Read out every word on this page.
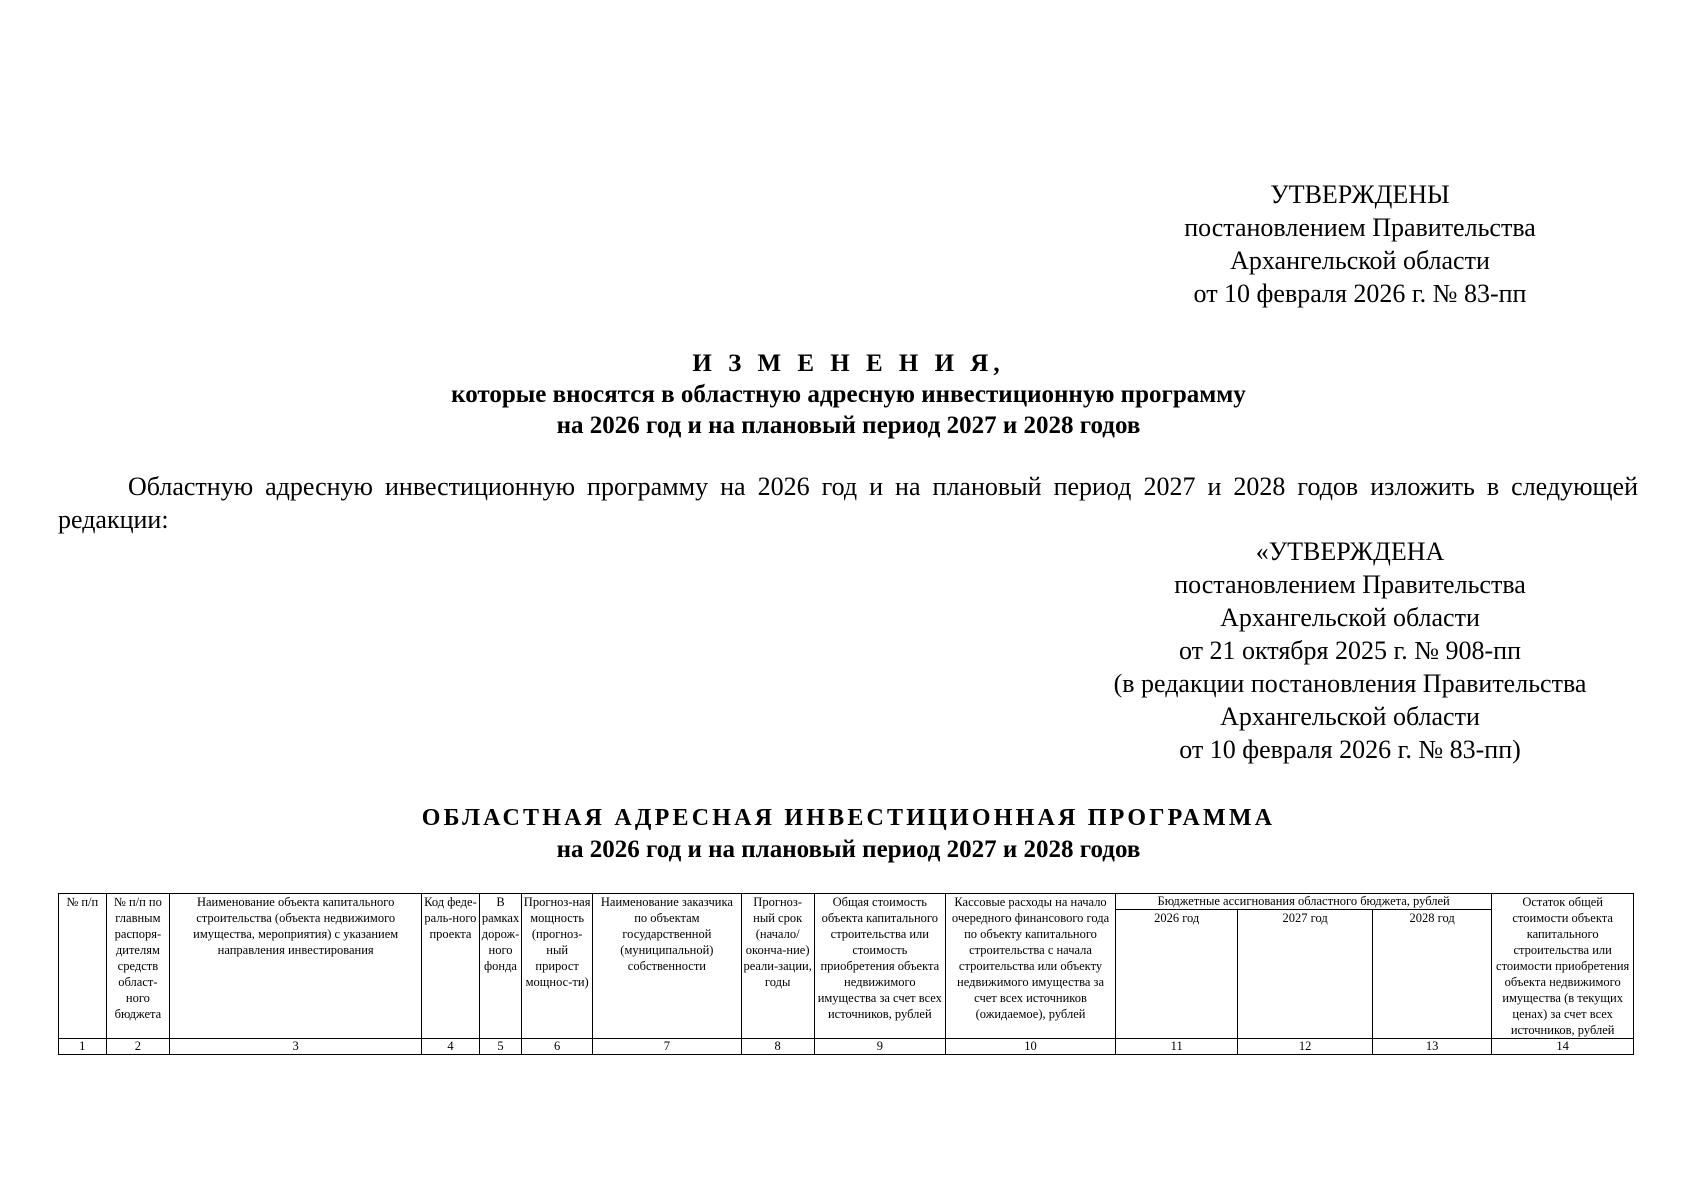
УТВЕРЖДЕНЫ
постановлением Правительства
Архангельской области
от 10 февраля 2026 г. № 83-пп
И З М Е Н Е Н И Я,
которые вносятся в областную адресную инвестиционную программу
на 2026 год и на плановый период 2027 и 2028 годов
Областную адресную инвестиционную программу на 2026 год и на плановый период 2027 и 2028 годов изложить в следующей редакции:
«УТВЕРЖДЕНА
постановлением Правительства
Архангельской области
от 21 октября 2025 г. № 908-пп
(в редакции постановления Правительства
Архангельской области
от 10 февраля 2026 г. № 83-пп)
ОБЛАСТНАЯ АДРЕСНАЯ ИНВЕСТИЦИОННАЯ ПРОГРАММА
на 2026 год и на плановый период 2027 и 2028 годов
№ п/п	№ п/п по главным распоря-дителям средств област-ного бюджета	Наименование объекта капитального строительства (объекта недвижимого имущества, мероприятия) с указанием направления инвестирования	Код феде-раль-ного проекта	В рамках дорож-ного фонда	Прогноз-ная мощность (прогноз-ный прирост мощнос-ти)	Наименование заказчика по объектам государственной (муниципальной) собственности	Прогноз-ный срок (начало/ оконча-ние) реали-зации, годы	Общая стоимость объекта капитального строительства или стоимость приобретения объекта недвижимого имущества за счет всех источников, рублей	Кассовые расходы на начало очередного финансового года по объекту капитального строительства с начала строительства или объекту недвижимого имущества за счет всех источников (ожидаемое), рублей	Бюджетные ассигнования областного бюджета, рублей			Остаток общей стоимости объекта капитального строительства или стоимости приобретения объекта недвижимого имущества (в текущих ценах) за счет всех источников, рублей
										2026 год	2027 год	2028 год	
1	2	3	4	5	6	7	8	9	10	11	12	13	14
